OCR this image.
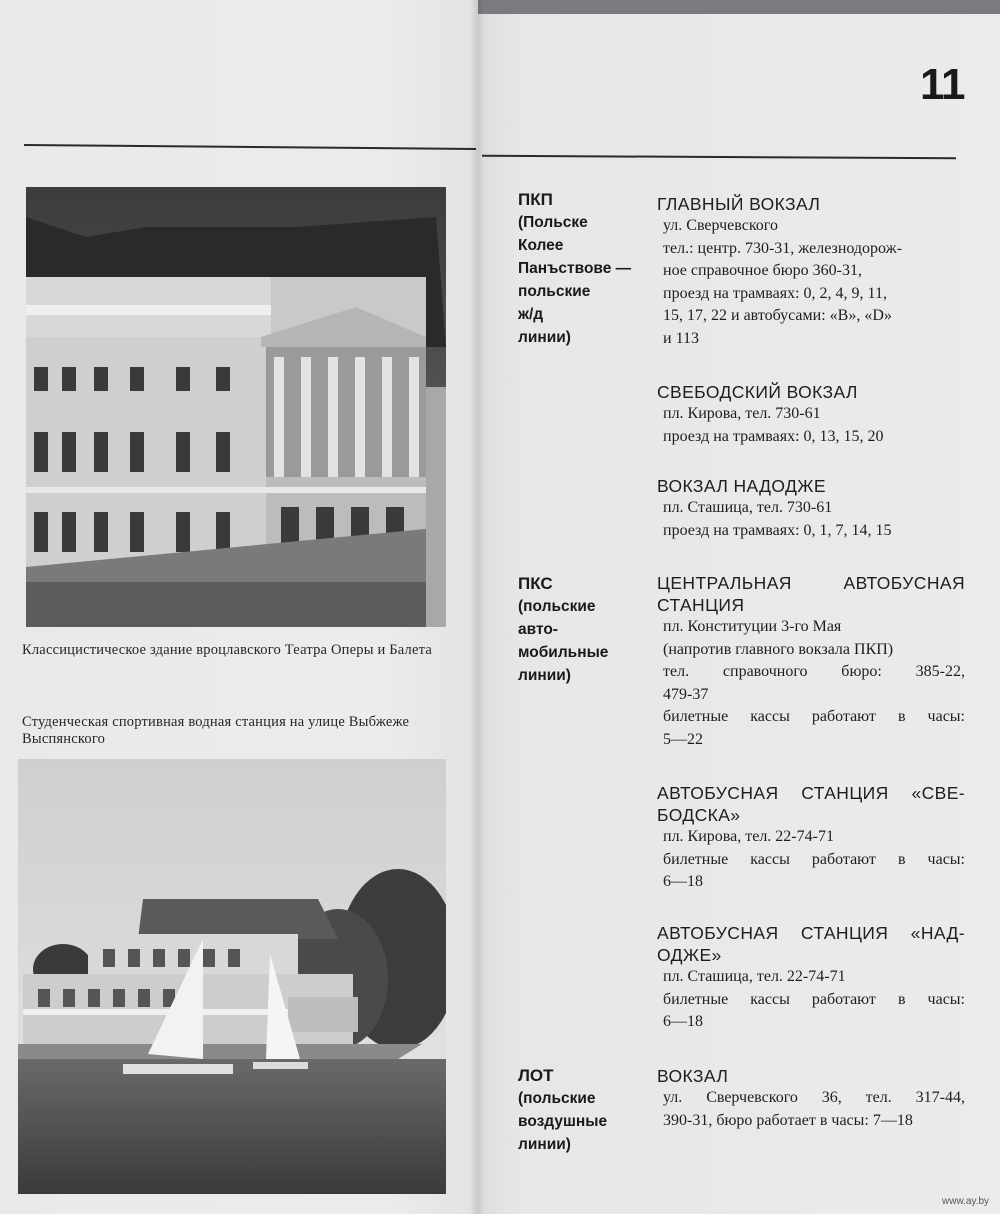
Классицистическое здание вроцлавского Театра Оперы и Балета
Студенческая спортивная водная станция на улице Выбжеже Выспянского
11
ПКП
(Польске
Колее
Панъствове —
польские
ж/д
линии)
ГЛАВНЫЙ ВОКЗАЛ
ул. Сверчевского
тел.: центр. 730-31, железнодорож-
ное справочное бюро 360-31,
проезд на трамваях: 0, 2, 4, 9, 11,
15, 17, 22 и автобусами: «В», «D»
и 113
СВЕБОДСКИЙ ВОКЗАЛ
пл. Кирова, тел. 730-61
проезд на трамваях: 0, 13, 15, 20
ВОКЗАЛ НАДОДЖЕ
пл. Сташица, тел. 730-61
проезд на трамваях: 0, 1, 7, 14, 15
ПКС
(польские
авто-
мобильные
линии)
ЦЕНТРАЛЬНАЯ АВТОБУСНАЯ
СТАНЦИЯ
пл. Конституции 3-го Мая
(напротив главного вокзала ПКП)
тел. справочного бюро: 385-22,
479-37
билетные кассы работают в часы:
5—22
АВТОБУСНАЯ СТАНЦИЯ «СВЕ-
БОДСКА»
пл. Кирова, тел. 22-74-71
билетные кассы работают в часы:
6—18
АВТОБУСНАЯ СТАНЦИЯ «НАД-
ОДЖЕ»
пл. Сташица, тел. 22-74-71
билетные кассы работают в часы:
6—18
ЛОТ
(польские
воздушные
линии)
ВОКЗАЛ
ул. Сверчевского 36, тел. 317-44,
390-31, бюро работает в часы: 7—18
www.ay.by
